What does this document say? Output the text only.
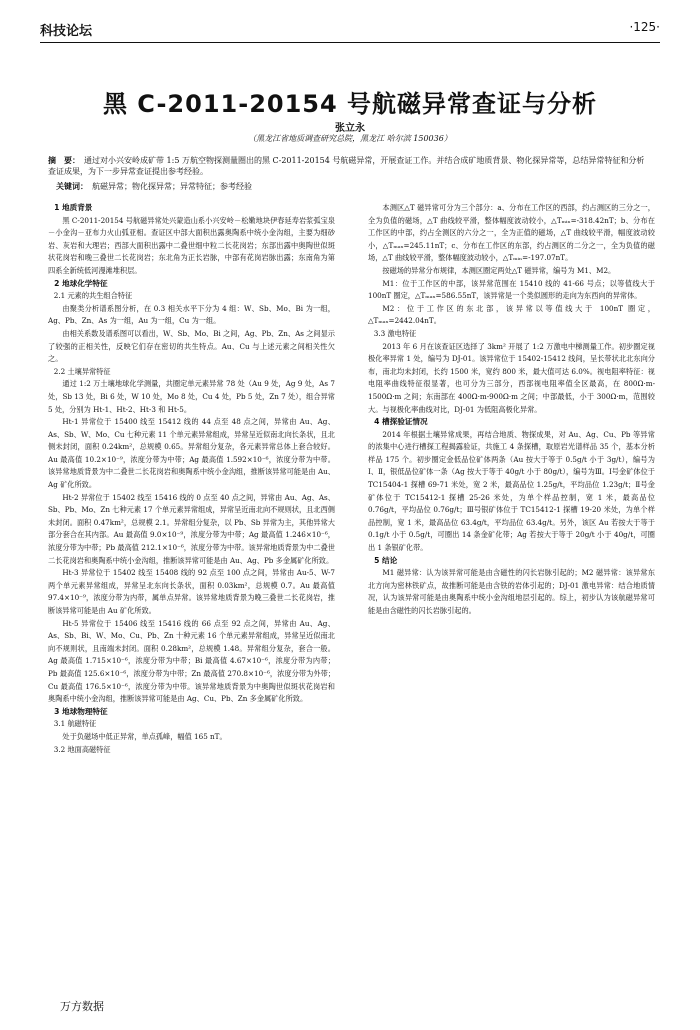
科技论坛	·125·
黑 C-2011-20154 号航磁异常查证与分析
张立永
（黑龙江省地质调查研究总院，黑龙江 哈尔滨 150036）
摘　要： 通过对小兴安岭成矿带 1:5 万航空物探测量圈出的黑 C-2011-20154 号航磁异常，开展查证工作。并结合成矿地质背景、物化探异常等，总结异常特征和分析查证成果，为下一步异常查证提出参考经验。
关键词： 航磁异常；物化探异常；异常特征；参考经验

1 地质背景

黑 C-2011-20154 号航磁异常处兴蒙造山系小兴安岭－松嫩地块伊春延寿岩浆弧宝泉－小金沟－亚布力火山弧亚相。查证区中部大面积出露奥陶系中统小金沟组，主要为细砂岩、灰岩和大理岩；西部大面积出露中二叠世细中粒二长花岗岩；东部出露中奥陶世似斑状花岗岩和晚三叠世二长花岗岩；东北角为正长岩脉，中部有花岗岩脉出露；东南角为第四系全新统低河漫滩堆积层。

2 地球化学特征

2.1 元素的共生组合特征

由聚类分析谱系图分析，在 0.3 相关水平下分为 4 组：W、Sb、Mo、Bi 为一组，Ag、Pb、Zn、As 为一组，Au 为一组，Cu 为一组。

由相关系数及谱系图可以看出，W、Sb、Mo、Bi 之间，Ag、Pb、Zn、As 之间显示了较强的正相关性，反映它们存在密切的共生特点。Au、Cu 与上述元素之间相关性欠之。

2.2 土壤异常特征

通过 1:2 万土壤地球化学测量，共圈定单元素异常 78 处（Au 9 处，Ag 9 处，As 7 处，Sb 13 处，Bi 6 处，W 10 处，Mo 8 处，Cu 4 处，Pb 5 处，Zn 7 处），组合异常 5 处，分别为 Ht-1、Ht-2、Ht-3 和 Ht-5。

Ht-1 异常位于 15400 线至 15412 线的 44 点至 48 点之间，异常由 Au、Ag、As、Sb、W、Mo、Cu 七种元素 11 个单元素异常组成，异常呈近似南北向长条状，且北侧未封闭，面积 0.24km²，总规模 0.65。异常组分复杂，各元素异常总体上套合较好。Au 最高值 10.2×10⁻⁹，浓度分带为中带；Ag 最高值 1.592×10⁻⁶，浓度分带为中带。该异常地质背景为中二叠世二长花岗岩和奥陶系中统小金沟组，推断该异常可能是由 Au、Ag 矿化所致。

Ht-2 异常位于 15402 线至 15416 线的 0 点至 40 点之间，异常由 Au、Ag、As、Sb、Pb、Mo、Zn 七种元素 17 个单元素异常组成，异常呈近南北向不规则状，且北西侧未封闭。面积 0.47km²，总规模 2.1。异常组分复杂，以 Pb、Sb 异常为主，其他异常大部分套合在其内部。Au 最高值 9.0×10⁻⁹，浓度分带为中带；Ag 最高值 1.246×10⁻⁶，浓度分带为中带；Pb 最高值 212.1×10⁻⁶，浓度分带为中带。该异常地质背景为中二叠世二长花岗岩和奥陶系中统小金沟组，推断该异常可能是由 Au、Ag、Pb 多金属矿化所致。

Ht-3 异常位于 15402 线至 15408 线的 92 点至 100 点之间，异常由 Au-5、W-7 两个单元素异常组成，异常呈北东向长条状，面积 0.03km²，总规模 0.7。Au 最高值 97.4×10⁻⁹，浓度分带为内带，属单点异常。该异常地质背景为晚三叠世二长花岗岩，推断该异常可能是由 Au 矿化所致。

Ht-5 异常位于 15406 线至 15416 线的 66 点至 92 点之间，异常由 Au、Ag、As、Sb、Bi、W、Mo、Cu、Pb、Zn 十种元素 16 个单元素异常组成，异常呈近似南北向不规则状，且南端未封闭。面积 0.28km²，总规模 1.48。异常组分复杂，套合一般。Ag 最高值 1.715×10⁻⁶，浓度分带为中带；Bi 最高值 4.67×10⁻⁶，浓度分带为内带；Pb 最高值 125.6×10⁻⁶，浓度分带为中带；Zn 最高值 270.8×10⁻⁶，浓度分带为外带；Cu 最高值 176.5×10⁻⁶，浓度分带为中带。该异常地质背景为中奥陶世似斑状花岗岩和奥陶系中统小金沟组，推断该异常可能是由 Ag、Cu、Pb、Zn 多金属矿化所致。

3 地球物理特征

3.1 航磁特征

处于负磁场中低正异常，单点孤峰，幅值 165 nT。

3.2 地面高磁特征

本测区△T 磁异常可分为三个部分：a、分布在工作区的西部，约占测区的三分之一，全为负值的磁场，△T 曲线较平滑，整体幅度波动较小，△Tₘᵢₙ=-318.42nT；b、分布在工作区的中部，约占全测区的六分之一，全为正值的磁场，△T 曲线较平滑，幅度波动较小，△Tₘₐₓ=245.11nT；c、分布在工作区的东部，约占测区的二分之一，全为负值的磁场，△T 曲线较平滑，整体幅度波动较小，△Tₘᵢₙ=-197.07nT。

按磁场的异常分布规律，本测区圈定两处△T 磁异常，编号为 M1、M2。

M1：位于工作区的中部，该异常范围在 15410 线的 41-66 号点；以等值线大于 100nT 圈定，△Tₘₐₓ=586.55nT，该异常是一个类似圆形的走向为东西向的异常体。

M2：位于工作区的东北部，该异常以等值线大于 100nT 圈定，△Tₘₐₓ=2442.04nT。

3.3 激电特征

2013 年 6 月在该查证区选择了 3km² 开展了 1:2 万激电中梯测量工作。初步圈定视极化率异常 1 处，编号为 DJ-01。该异常位于 15402-15412 线间，呈长带状北北东向分布，南北均未封闭，长约 1500 米，宽约 800 米，最大值可达 6.0%。视电阻率特征：视电阻率曲线特征很显著，也可分为三部分，西部视电阻率值全区最高，在 800Ω·m-1500Ω·m 之间；东南部在 400Ω·m-900Ω·m 之间；中部最低，小于 300Ω·m，范围较大。与视极化率曲线对比，DJ-01 为低阻高极化异常。

4 槽探验证情况

2014 年根据土壤异常成果，再结合地质、物探成果，对 Au、Ag、Cu、Pb 等异常的浓集中心进行槽探工程揭露验证，共施工 4 条探槽，取原岩光谱样品 35 个，基本分析样品 175 个。初步圈定金低品位矿体两条（Au 按大于等于 0.5g/t 小于 3g/t），编号为 Ⅰ、Ⅱ，银低品位矿体一条（Ag 按大于等于 40g/t 小于 80g/t），编号为Ⅲ。Ⅰ号金矿体位于 TC15404-1 探槽 69-71 米处，宽 2 米，最高品位 1.25g/t，平均品位 1.23g/t；Ⅱ号金矿体位于 TC15412-1 探槽 25-26 米处，为单个样品控制，宽 1 米，最高品位 0.76g/t，平均品位 0.76g/t；Ⅲ号银矿体位于 TC15412-1 探槽 19-20 米处，为单个样品控制，宽 1 米，最高品位 63.4g/t，平均品位 63.4g/t。另外，该区 Au 若按大于等于 0.1g/t 小于 0.5g/t，可圈出 14 条金矿化带；Ag 若按大于等于 20g/t 小于 40g/t，可圈出 1 条银矿化带。

5 结论

M1 磁异常：认为该异常可能是由含磁性的闪长岩脉引起的；M2 磁异常：该异常东北方向为密林铁矿点，故推断可能是由含铁的岩体引起的；DJ-01 激电异常：结合地质情况，认为该异常可能是由奥陶系中统小金沟组地层引起的。综上，初步认为该航磁异常可能是由含磁性的闪长岩脉引起的。

万方数据
